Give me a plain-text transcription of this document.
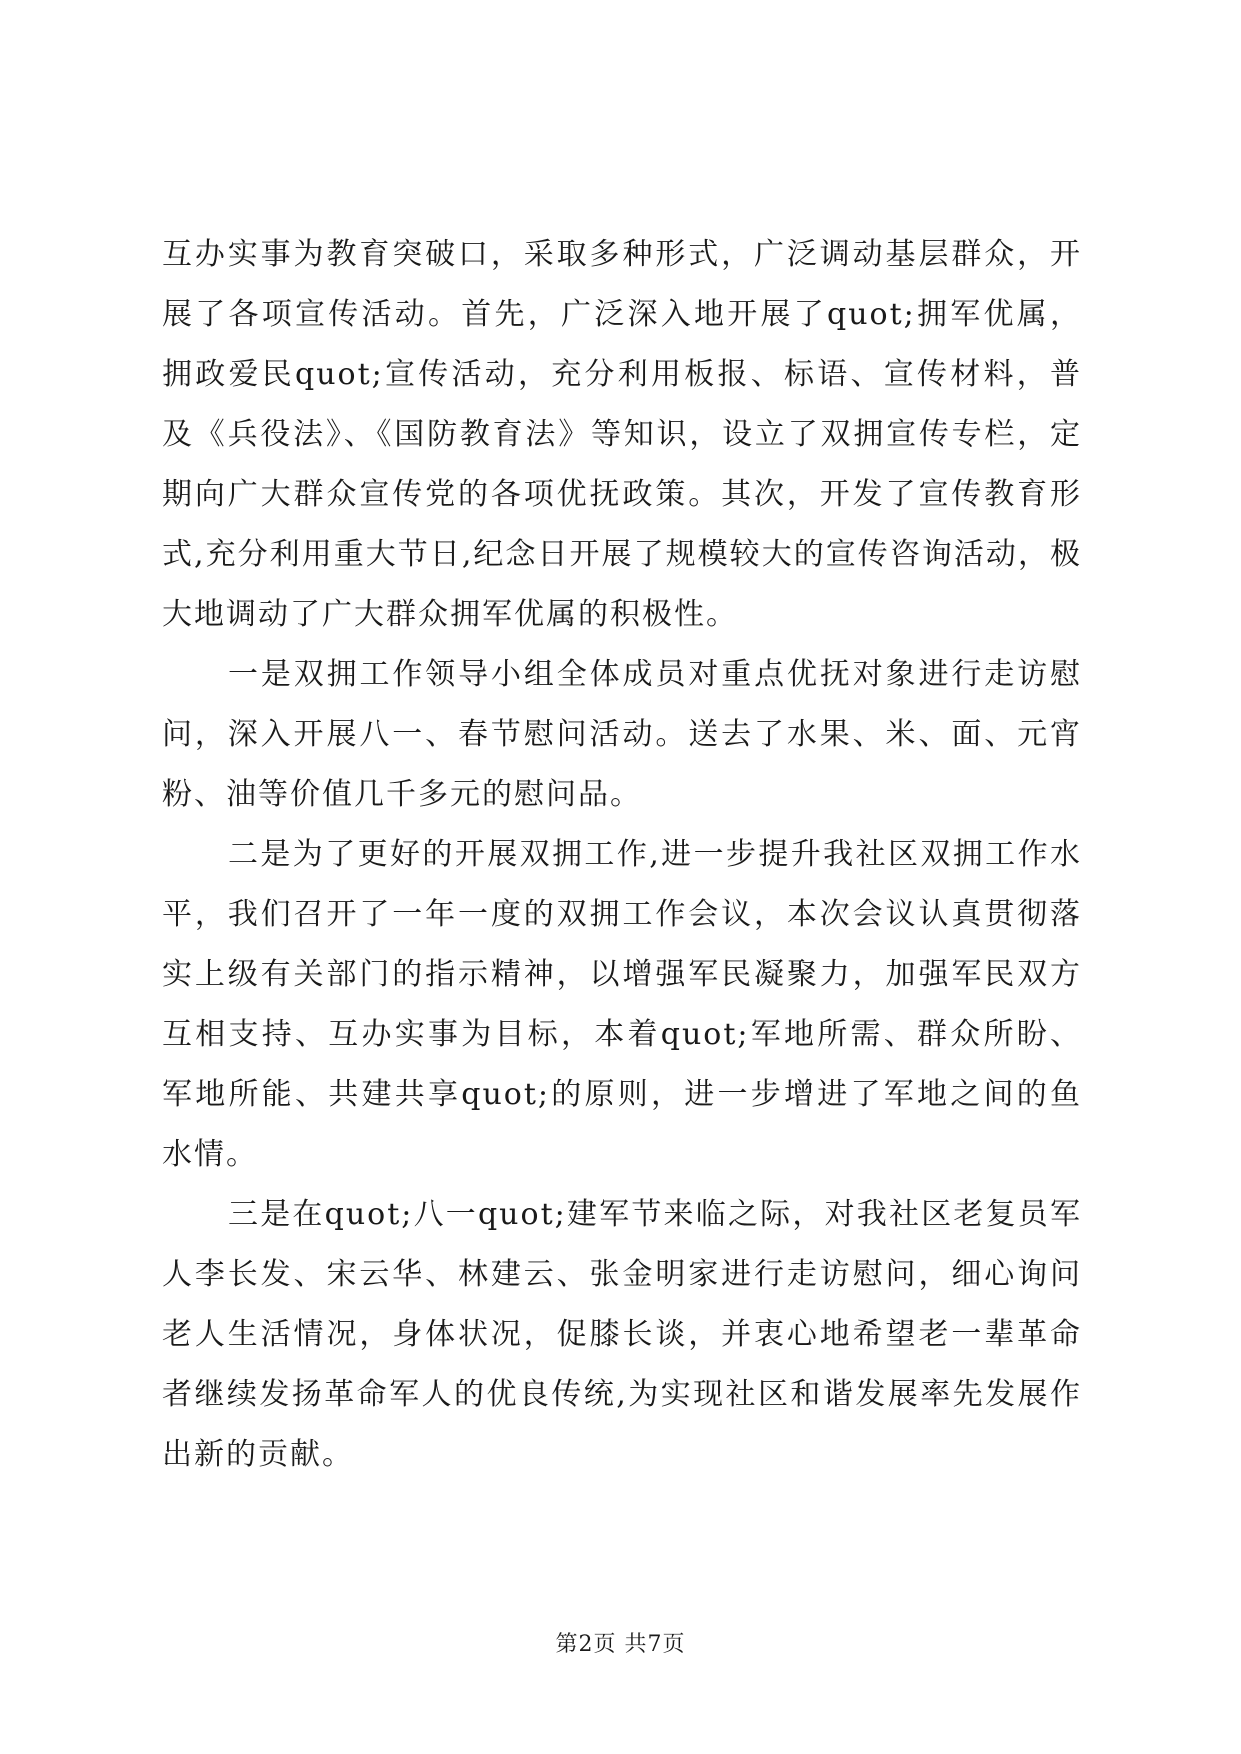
互办实事为教育突破口，采取多种形式，广泛调动基层群众，开展了各项宣传活动。首先，广泛深入地开展了quot;拥军优属，拥政爱民quot;宣传活动，充分利用板报、标语、宣传材料，普及《兵役法》、《国防教育法》等知识，设立了双拥宣传专栏，定期向广大群众宣传党的各项优抚政策。其次，开发了宣传教育形式,充分利用重大节日,纪念日开展了规模较大的宣传咨询活动，极大地调动了广大群众拥军优属的积极性。

一是双拥工作领导小组全体成员对重点优抚对象进行走访慰问，深入开展八一、春节慰问活动。送去了水果、米、面、元宵粉、油等价值几千多元的慰问品。

二是为了更好的开展双拥工作,进一步提升我社区双拥工作水平，我们召开了一年一度的双拥工作会议，本次会议认真贯彻落实上级有关部门的指示精神，以增强军民凝聚力，加强军民双方互相支持、互办实事为目标，本着quot;军地所需、群众所盼、军地所能、共建共享quot;的原则，进一步增进了军地之间的鱼水情。

三是在quot;八一quot;建军节来临之际，对我社区老复员军人李长发、宋云华、林建云、张金明家进行走访慰问，细心询问老人生活情况，身体状况，促膝长谈，并衷心地希望老一辈革命者继续发扬革命军人的优良传统,为实现社区和谐发展率先发展作出新的贡献。

第2页 共7页
